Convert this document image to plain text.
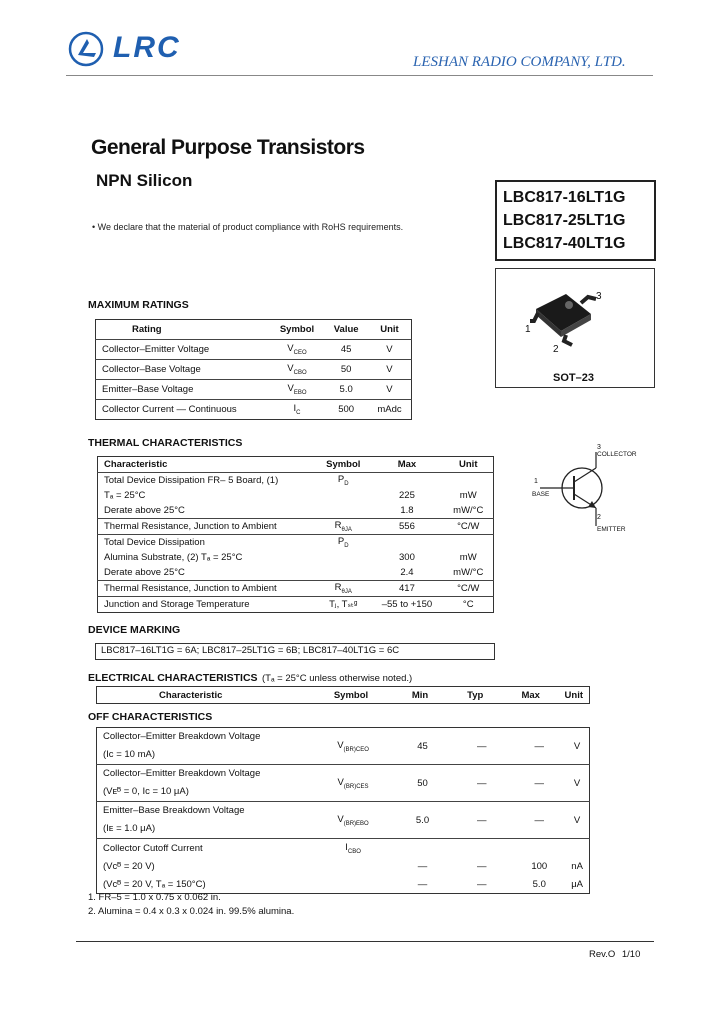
LRC	LESHAN RADIO COMPANY, LTD.
General Purpose Transistors
NPN Silicon
LBC817-16LT1G
LBC817-25LT1G
LBC817-40LT1G
• We declare that the material of product compliance with RoHS requirements.
3
1
2
SOT–23
MAXIMUM RATINGS
Rating	Symbol	Value	Unit
Collector–Emitter Voltage	$V_{CEO}$	45	V
Collector–Base Voltage	$V_{CBO}$	50	V
Emitter–Base Voltage	$V_{EBO}$	5.0	V
Collector Current — Continuous	$I_C$	500	mAdc
THERMAL CHARACTERISTICS
Characteristic	Symbol	Max	Unit
Total Device Dissipation FR– 5 Board, (1)	$P_D$		
Tₐ = 25°C		225	mW
Derate above 25°C		1.8	mW/°C
Thermal Resistance, Junction to Ambient	$R_{\theta JA}$	556	°C/W
Total Device Dissipation	$P_D$		
Alumina Substrate, (2) Tₐ = 25°C		300	mW
Derate above 25°C		2.4	mW/°C
Thermal Resistance, Junction to Ambient	$R_{\theta JA}$	417	°C/W
Junction and Storage Temperature	Tⱼ, Tₛₜᵍ	–55 to +150	°C
3
COLLECTOR
1
BASE
2
EMITTER
DEVICE MARKING
LBC817–16LT1G = 6A; LBC817–25LT1G = 6B; LBC817–40LT1G = 6C
ELECTRICAL CHARACTERISTICS (Tₐ = 25°C unless otherwise noted.)
Characteristic	Symbol	Min	Typ	Max	Unit
OFF CHARACTERISTICS
Collector–Emitter Breakdown Voltage
(Iᴄ = 10 mA)	$V_{(BR)CEO}$	45	—	—	V

Collector–Emitter Breakdown Voltage
(Vᴇᴮ = 0, Iᴄ = 10 μA)	$V_{(BR)CES}$	50	—	—	V

Emitter–Base Breakdown Voltage
(Iᴇ = 1.0 μA)	$V_{(BR)EBO}$	5.0	—	—	V
Collector Cutoff Current	$I_{CBO}$				
(Vᴄᴮ = 20 V)		—	—	100	nA
(Vᴄᴮ = 20 V, Tₐ = 150°C)		—	—	5.0	μA
1. FR–5 = 1.0 x 0.75 x 0.062 in.
2. Alumina = 0.4 x 0.3 x 0.024 in. 99.5% alumina.
Rev.O 1/10
